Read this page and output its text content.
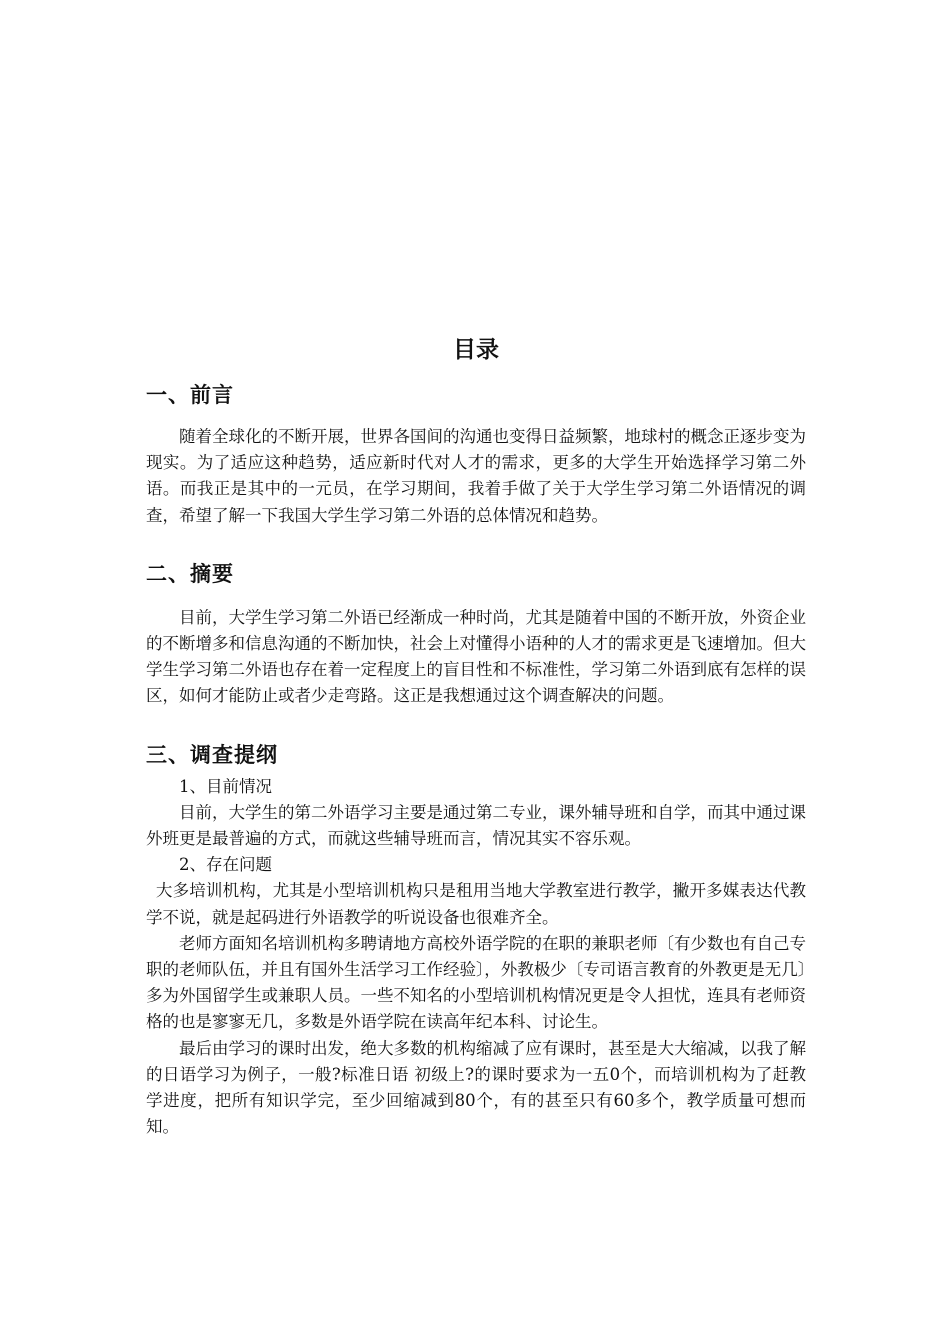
目录
一、前言

随着全球化的不断开展，世界各国间的沟通也变得日益频繁，地球村的概念正逐步变为现实。为了适应这种趋势，适应新时代对人才的需求，更多的大学生开始选择学习第二外语。而我正是其中的一元员，在学习期间，我着手做了关于大学生学习第二外语情况的调查，希望了解一下我国大学生学习第二外语的总体情况和趋势。

二、摘要

目前，大学生学习第二外语已经渐成一种时尚，尤其是随着中国的不断开放，外资企业的不断增多和信息沟通的不断加快，社会上对懂得小语种的人才的需求更是飞速增加。但大学生学习第二外语也存在着一定程度上的盲目性和不标准性，学习第二外语到底有怎样的误区，如何才能防止或者少走弯路。这正是我想通过这个调查解决的问题。

三、调查提纲

1、目前情况

目前，大学生的第二外语学习主要是通过第二专业，课外辅导班和自学，而其中通过课外班更是最普遍的方式，而就这些辅导班而言，情况其实不容乐观。

2、存在问题

大多培训机构，尤其是小型培训机构只是租用当地大学教室进行教学，撇开多媒表达代教学不说，就是起码进行外语教学的听说设备也很难齐全。

老师方面知名培训机构多聘请地方高校外语学院的在职的兼职老师〔有少数也有自己专职的老师队伍，并且有国外生活学习工作经验〕，外教极少〔专司语言教育的外教更是无几〕多为外国留学生或兼职人员。一些不知名的小型培训机构情况更是令人担忧，连具有老师资格的也是寥寥无几，多数是外语学院在读高年纪本科、讨论生。

最后由学习的课时出发，绝大多数的机构缩减了应有课时，甚至是大大缩减，以我了解的日语学习为例子，一般?标准日语 初级上?的课时要求为一五0个，而培训机构为了赶教学进度，把所有知识学完，至少回缩减到80个，有的甚至只有60多个，教学质量可想而知。
